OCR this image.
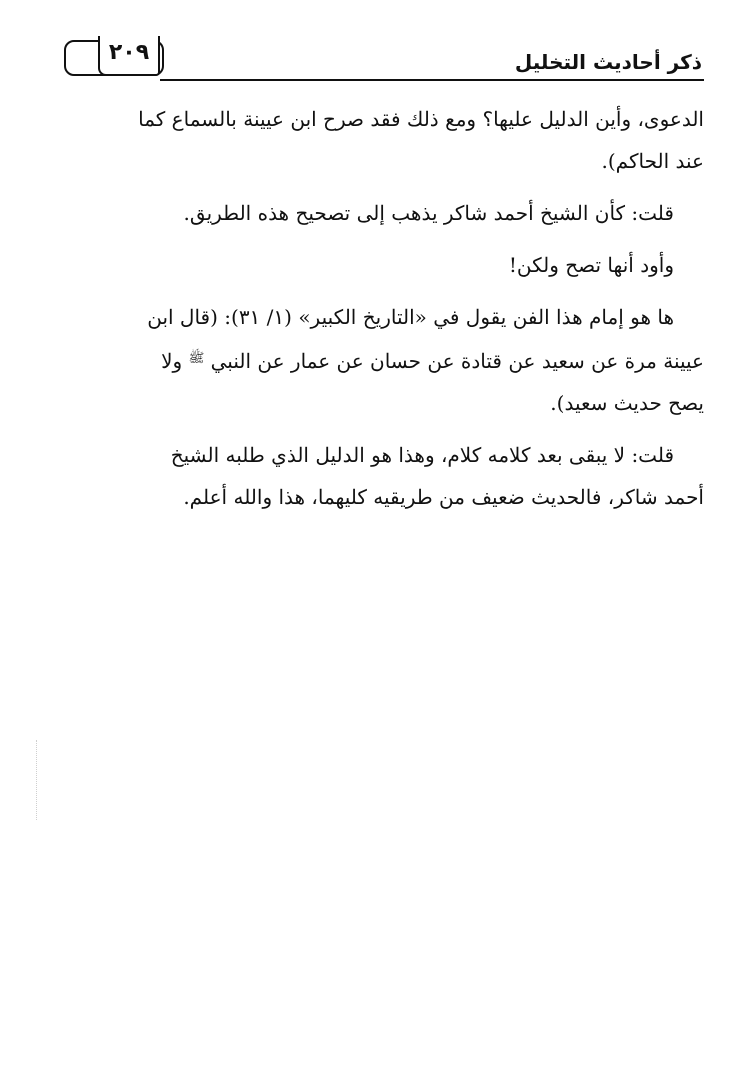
٢٠٩	ذكر أحاديث التخليل

الدعوى، وأين الدليل عليها؟ ومع ذلك فقد صرح ابن عيينة بالسماع كما
عند الحاكم).

قلت: كأن الشيخ أحمد شاكر يذهب إلى تصحيح هذه الطريق.

وأود أنها تصح ولكن!

ها هو إمام هذا الفن يقول في «التاريخ الكبير» (١/ ٣١): (قال ابن
عيينة مرة عن سعيد عن قتادة عن حسان عن عمار عن النبي $^ﷺ$ ولا
يصح حديث سعيد).

قلت: لا يبقى بعد كلامه كلام، وهذا هو الدليل الذي طلبه الشيخ
أحمد شاكر، فالحديث ضعيف من طريقيه كليهما، هذا والله أعلم.
